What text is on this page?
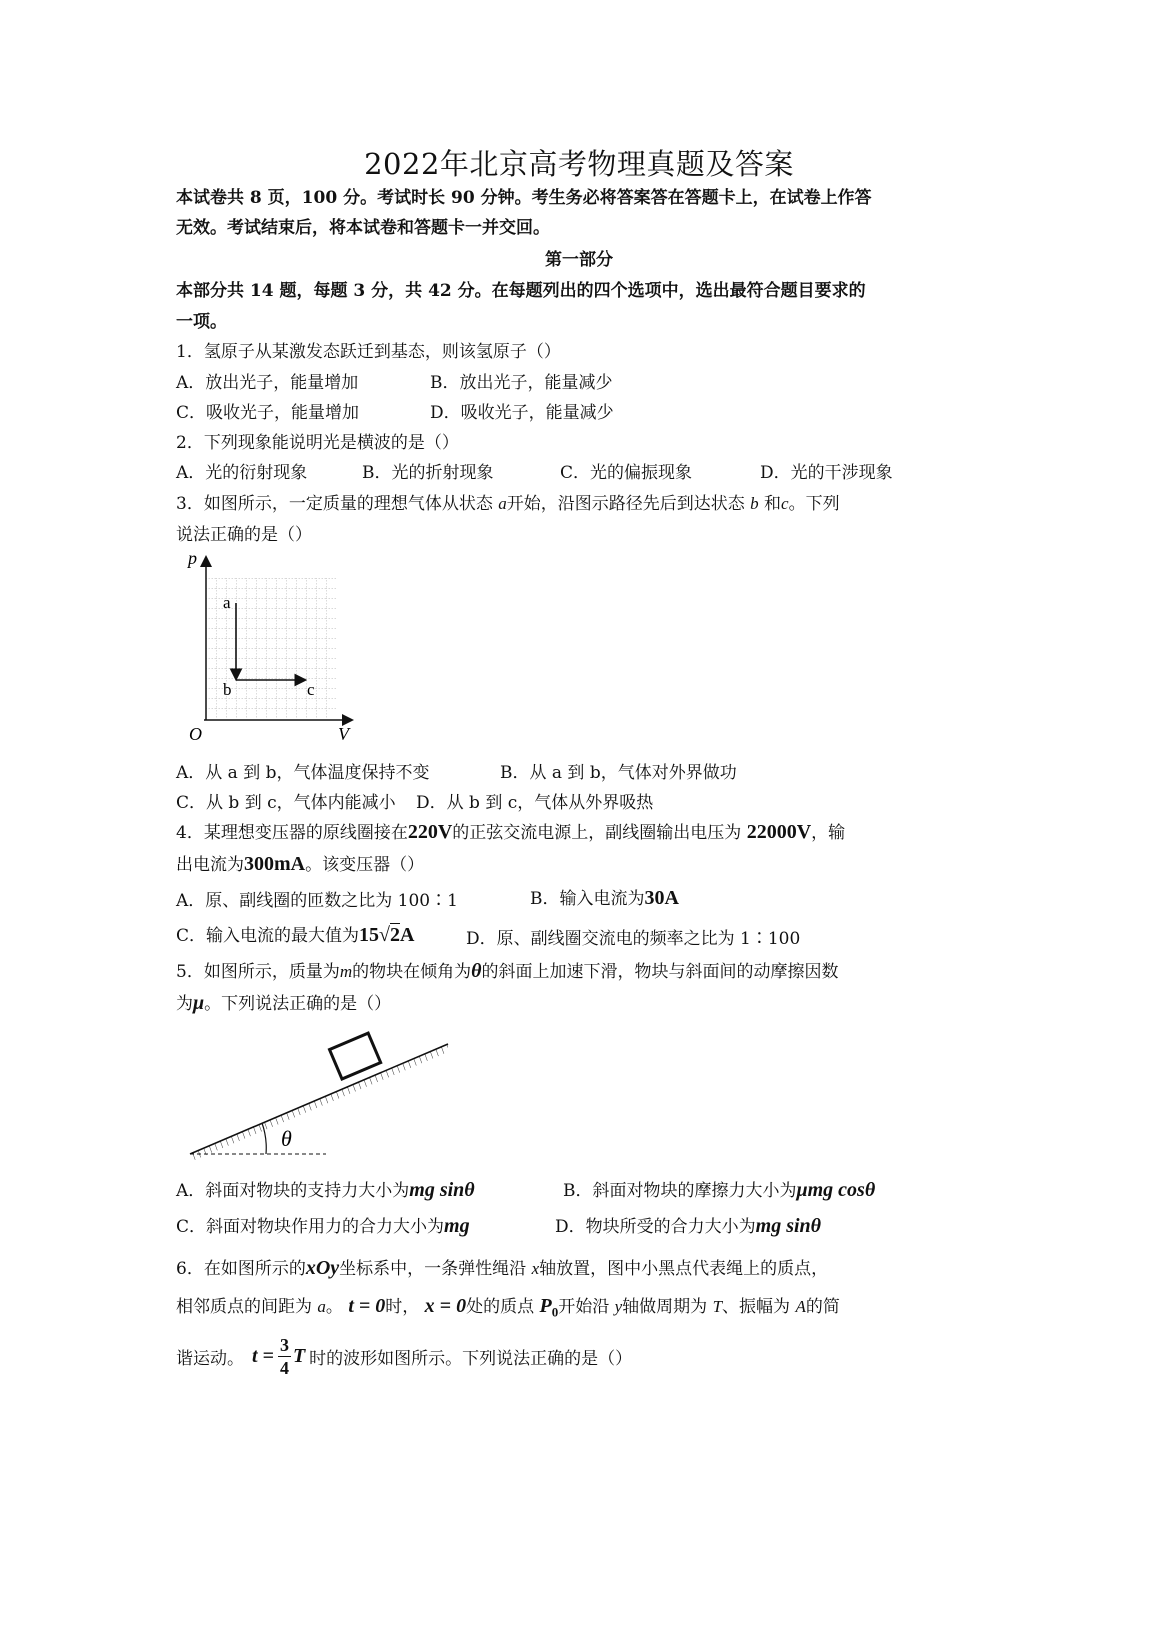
2022年北京高考物理真题及答案
本试卷共 8 页，100 分。考试时长 90 分钟。考生务必将答案答在答题卡上，在试卷上作答
无效。考试结束后，将本试卷和答题卡一并交回。
第一部分
本部分共 14 题，每题 3 分，共 42 分。在每题列出的四个选项中，选出最符合题目要求的
一项。
1．氢原子从某激发态跃迁到基态，则该氢原子（）
A．放出光子，能量增加	B．放出光子，能量减少
C．吸收光子，能量增加	D．吸收光子，能量减少
2．下列现象能说明光是横波的是（）
A．光的衍射现象	B．光的折射现象	C．光的偏振现象	D．光的干涉现象
3．如图所示，一定质量的理想气体从状态 a开始，沿图示路径先后到达状态 b 和c。下列
说法正确的是（）
p
V
O
a
b	c
A．从 a 到 b，气体温度保持不变	B．从 a 到 b，气体对外界做功
C．从 b 到 c，气体内能减小 D．从 b 到 c，气体从外界吸热
4．某理想变压器的原线圈接在220V的正弦交流电源上，副线圈输出电压为 22000V，输
出电流为300mA。该变压器（）
A．原、副线圈的匝数之比为 100∶1	B．输入电流为30A
C．输入电流的最大值为15√2A	D．原、副线圈交流电的频率之比为 1∶100
5．如图所示，质量为m的物块在倾角为θ的斜面上加速下滑，物块与斜面间的动摩擦因数
为μ。下列说法正确的是（）
θ
A．斜面对物块的支持力大小为mg sinθ	B．斜面对物块的摩擦力大小为μmg cosθ
C．斜面对物块作用力的合力大小为mg	D．物块所受的合力大小为mg sinθ
6．在如图所示的xOy坐标系中，一条弹性绳沿 x轴放置，图中小黑点代表绳上的质点，
相邻质点的间距为 a。 t = 0时， x = 0处的质点 $P_0$开始沿 y轴做周期为 T、振幅为 A的简
谐运动。 $t = \frac{3}{4}$ T 时的波形如图所示。下列说法正确的是（）
